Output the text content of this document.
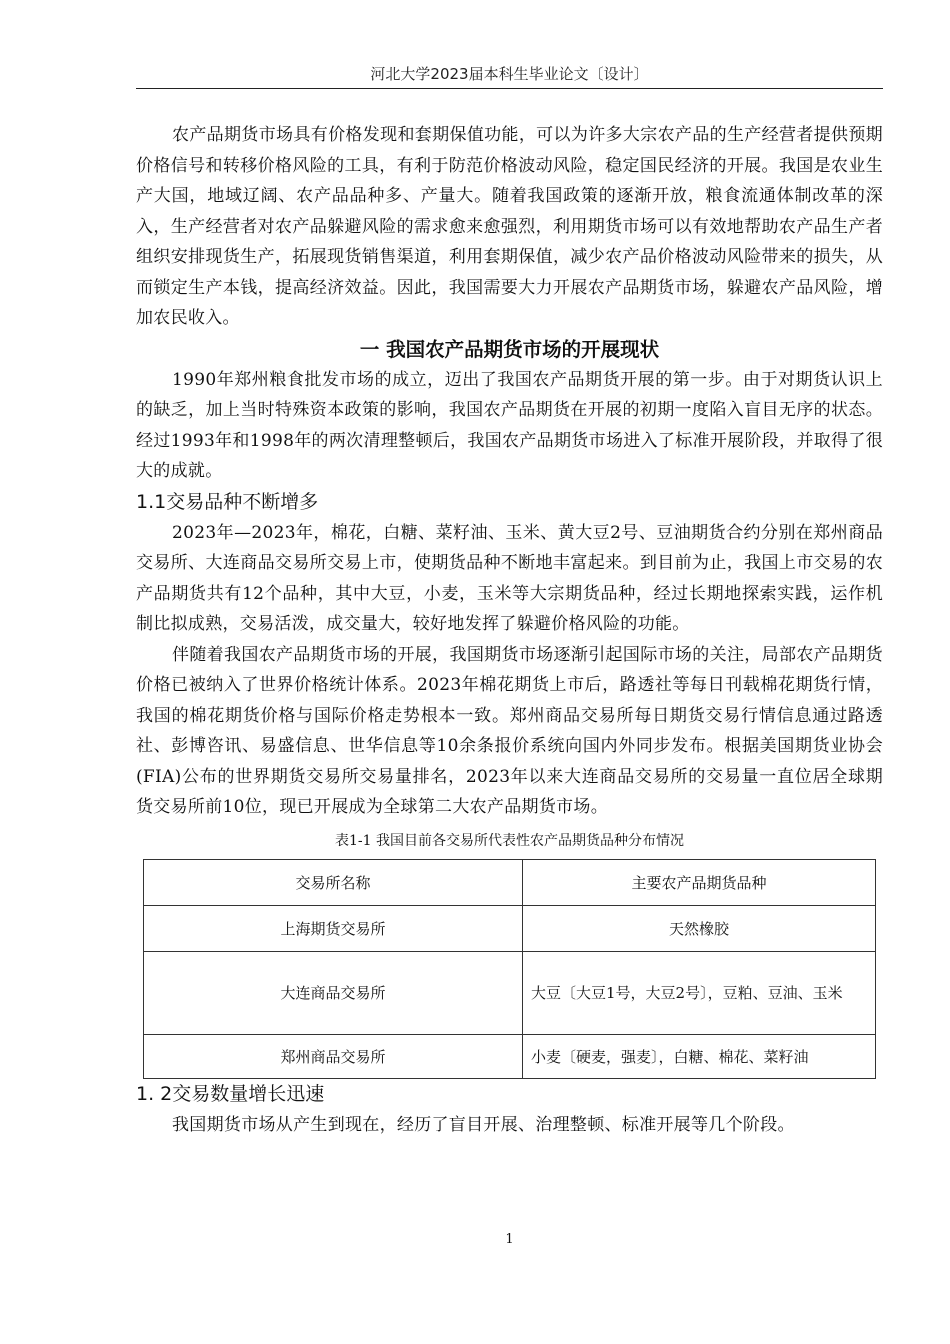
河北大学2023届本科生毕业论文〔设计〕

农产品期货市场具有价格发现和套期保值功能，可以为许多大宗农产品的生产经营者提供预期价格信号和转移价格风险的工具，有利于防范价格波动风险，稳定国民经济的开展。我国是农业生产大国，地域辽阔、农产品品种多、产量大。随着我国政策的逐渐开放，粮食流通体制改革的深入，生产经营者对农产品躲避风险的需求愈来愈强烈，利用期货市场可以有效地帮助农产品生产者组织安排现货生产，拓展现货销售渠道，利用套期保值，减少农产品价格波动风险带来的损失，从而锁定生产本钱，提高经济效益。因此，我国需要大力开展农产品期货市场，躲避农产品风险，增加农民收入。

一 我国农产品期货市场的开展现状

1990年郑州粮食批发市场的成立，迈出了我国农产品期货开展的第一步。由于对期货认识上的缺乏，加上当时特殊资本政策的影响，我国农产品期货在开展的初期一度陷入盲目无序的状态。经过1993年和1998年的两次清理整顿后，我国农产品期货市场进入了标准开展阶段，并取得了很大的成就。

1.1交易品种不断增多

2023年—2023年，棉花，白糖、菜籽油、玉米、黄大豆2号、豆油期货合约分别在郑州商品交易所、大连商品交易所交易上市，使期货品种不断地丰富起来。到目前为止，我国上市交易的农产品期货共有12个品种，其中大豆，小麦，玉米等大宗期货品种，经过长期地探索实践，运作机制比拟成熟，交易活泼，成交量大，较好地发挥了躲避价格风险的功能。

伴随着我国农产品期货市场的开展，我国期货市场逐渐引起国际市场的关注，局部农产品期货价格已被纳入了世界价格统计体系。2023年棉花期货上市后，路透社等每日刊载棉花期货行情，我国的棉花期货价格与国际价格走势根本一致。郑州商品交易所每日期货交易行情信息通过路透社、彭博咨讯、易盛信息、世华信息等10余条报价系统向国内外同步发布。根据美国期货业协会(FIA)公布的世界期货交易所交易量排名，2023年以来大连商品交易所的交易量一直位居全球期货交易所前10位，现已开展成为全球第二大农产品期货市场。

表1-1 我国目前各交易所代表性农产品期货品种分布情况
交易所名称	主要农产品期货品种
上海期货交易所	天然橡胶
大连商品交易所	大豆〔大豆1号，大豆2号〕，豆粕、豆油、玉米
郑州商品交易所	小麦〔硬麦，强麦〕，白糖、棉花、菜籽油
1. 2交易数量增长迅速

我国期货市场从产生到现在，经历了盲目开展、治理整顿、标准开展等几个阶段。

1
